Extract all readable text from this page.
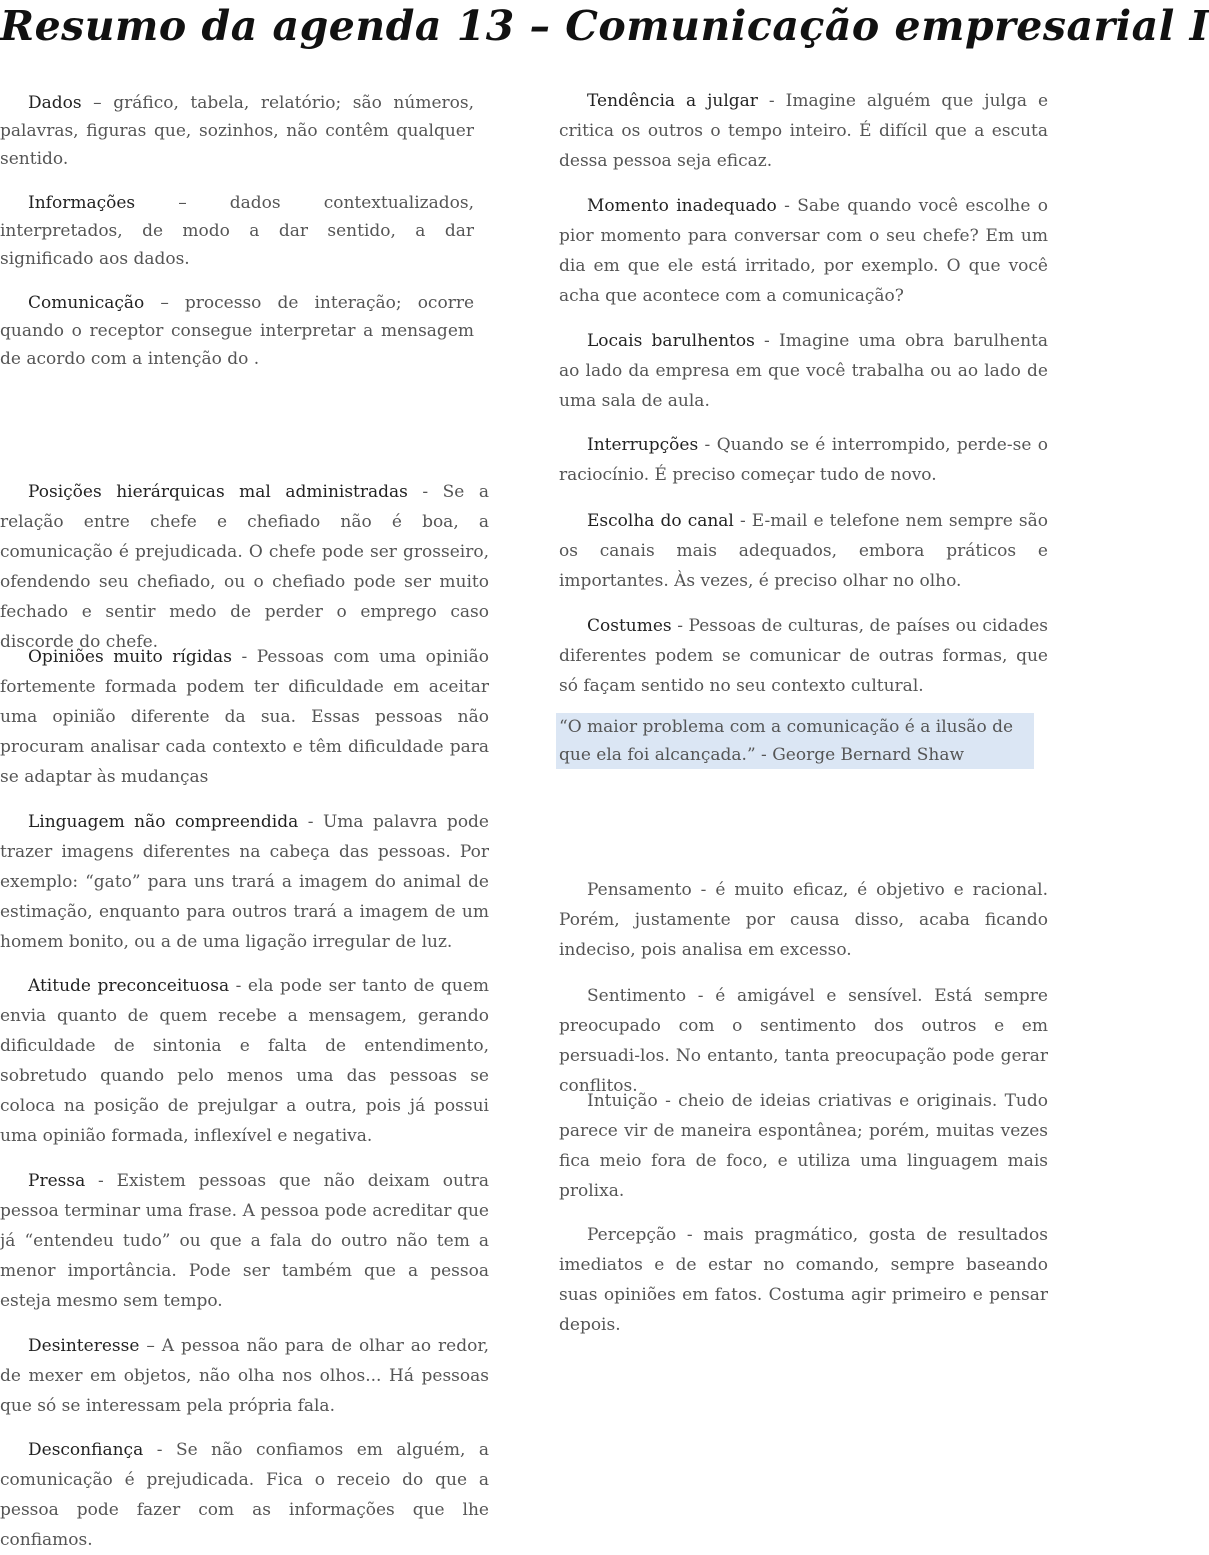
Resumo da agenda 13 – Comunicação empresarial I

Dados – gráfico, tabela, relatório; são números, palavras, figuras que, sozinhos, não contêm qualquer sentido.

Informações – dados contextualizados, interpretados, de modo a dar sentido, a dar significado aos dados.

Comunicação – processo de interação; ocorre quando o receptor consegue interpretar a mensagem de acordo com a intenção do .

Posições hierárquicas mal administradas - Se a relação entre chefe e chefiado não é boa, a comunicação é prejudicada. O chefe pode ser grosseiro, ofendendo seu chefiado, ou o chefiado pode ser muito fechado e sentir medo de perder o emprego caso discorde do chefe.

Opiniões muito rígidas - Pessoas com uma opinião fortemente formada podem ter dificuldade em aceitar uma opinião diferente da sua. Essas pessoas não procuram analisar cada contexto e têm dificuldade para se adaptar às mudanças

Linguagem não compreendida - Uma palavra pode trazer imagens diferentes na cabeça das pessoas. Por exemplo: “gato” para uns trará a imagem do animal de estimação, enquanto para outros trará a imagem de um homem bonito, ou a de uma ligação irregular de luz.

Atitude preconceituosa - ela pode ser tanto de quem envia quanto de quem recebe a mensagem, gerando dificuldade de sintonia e falta de entendimento, sobretudo quando pelo menos uma das pessoas se coloca na posição de prejulgar a outra, pois já possui uma opinião formada, inflexível e negativa.

Pressa - Existem pessoas que não deixam outra pessoa terminar uma frase. A pessoa pode acreditar que já “entendeu tudo” ou que a fala do outro não tem a menor importância. Pode ser também que a pessoa esteja mesmo sem tempo.

Desinteresse – A pessoa não para de olhar ao redor, de mexer em objetos, não olha nos olhos... Há pessoas que só se interessam pela própria fala.

Desconfiança - Se não confiamos em alguém, a comunicação é prejudicada. Fica o receio do que a pessoa pode fazer com as informações que lhe confiamos.

Tendência a julgar - Imagine alguém que julga e critica os outros o tempo inteiro. É difícil que a escuta dessa pessoa seja eficaz.

Momento inadequado - Sabe quando você escolhe o pior momento para conversar com o seu chefe? Em um dia em que ele está irritado, por exemplo. O que você acha que acontece com a comunicação?

Locais barulhentos - Imagine uma obra barulhenta ao lado da empresa em que você trabalha ou ao lado de uma sala de aula.

Interrupções - Quando se é interrompido, perde-se o raciocínio. É preciso começar tudo de novo.

Escolha do canal - E-mail e telefone nem sempre são os canais mais adequados, embora práticos e importantes. Às vezes, é preciso olhar no olho.

Costumes - Pessoas de culturas, de países ou cidades diferentes podem se comunicar de outras formas, que só façam sentido no seu contexto cultural.

“O maior problema com a comunicação é a ilusão de que ela foi alcançada.” - George Bernard Shaw

Pensamento - é muito eficaz, é objetivo e racional. Porém, justamente por causa disso, acaba ficando indeciso, pois analisa em excesso.

Sentimento - é amigável e sensível. Está sempre preocupado com o sentimento dos outros e em persuadi-los. No entanto, tanta preocupação pode gerar conflitos.

Intuição - cheio de ideias criativas e originais. Tudo parece vir de maneira espontânea; porém, muitas vezes fica meio fora de foco, e utiliza uma linguagem mais prolixa.

Percepção - mais pragmático, gosta de resultados imediatos e de estar no comando, sempre baseando suas opiniões em fatos. Costuma agir primeiro e pensar depois.
